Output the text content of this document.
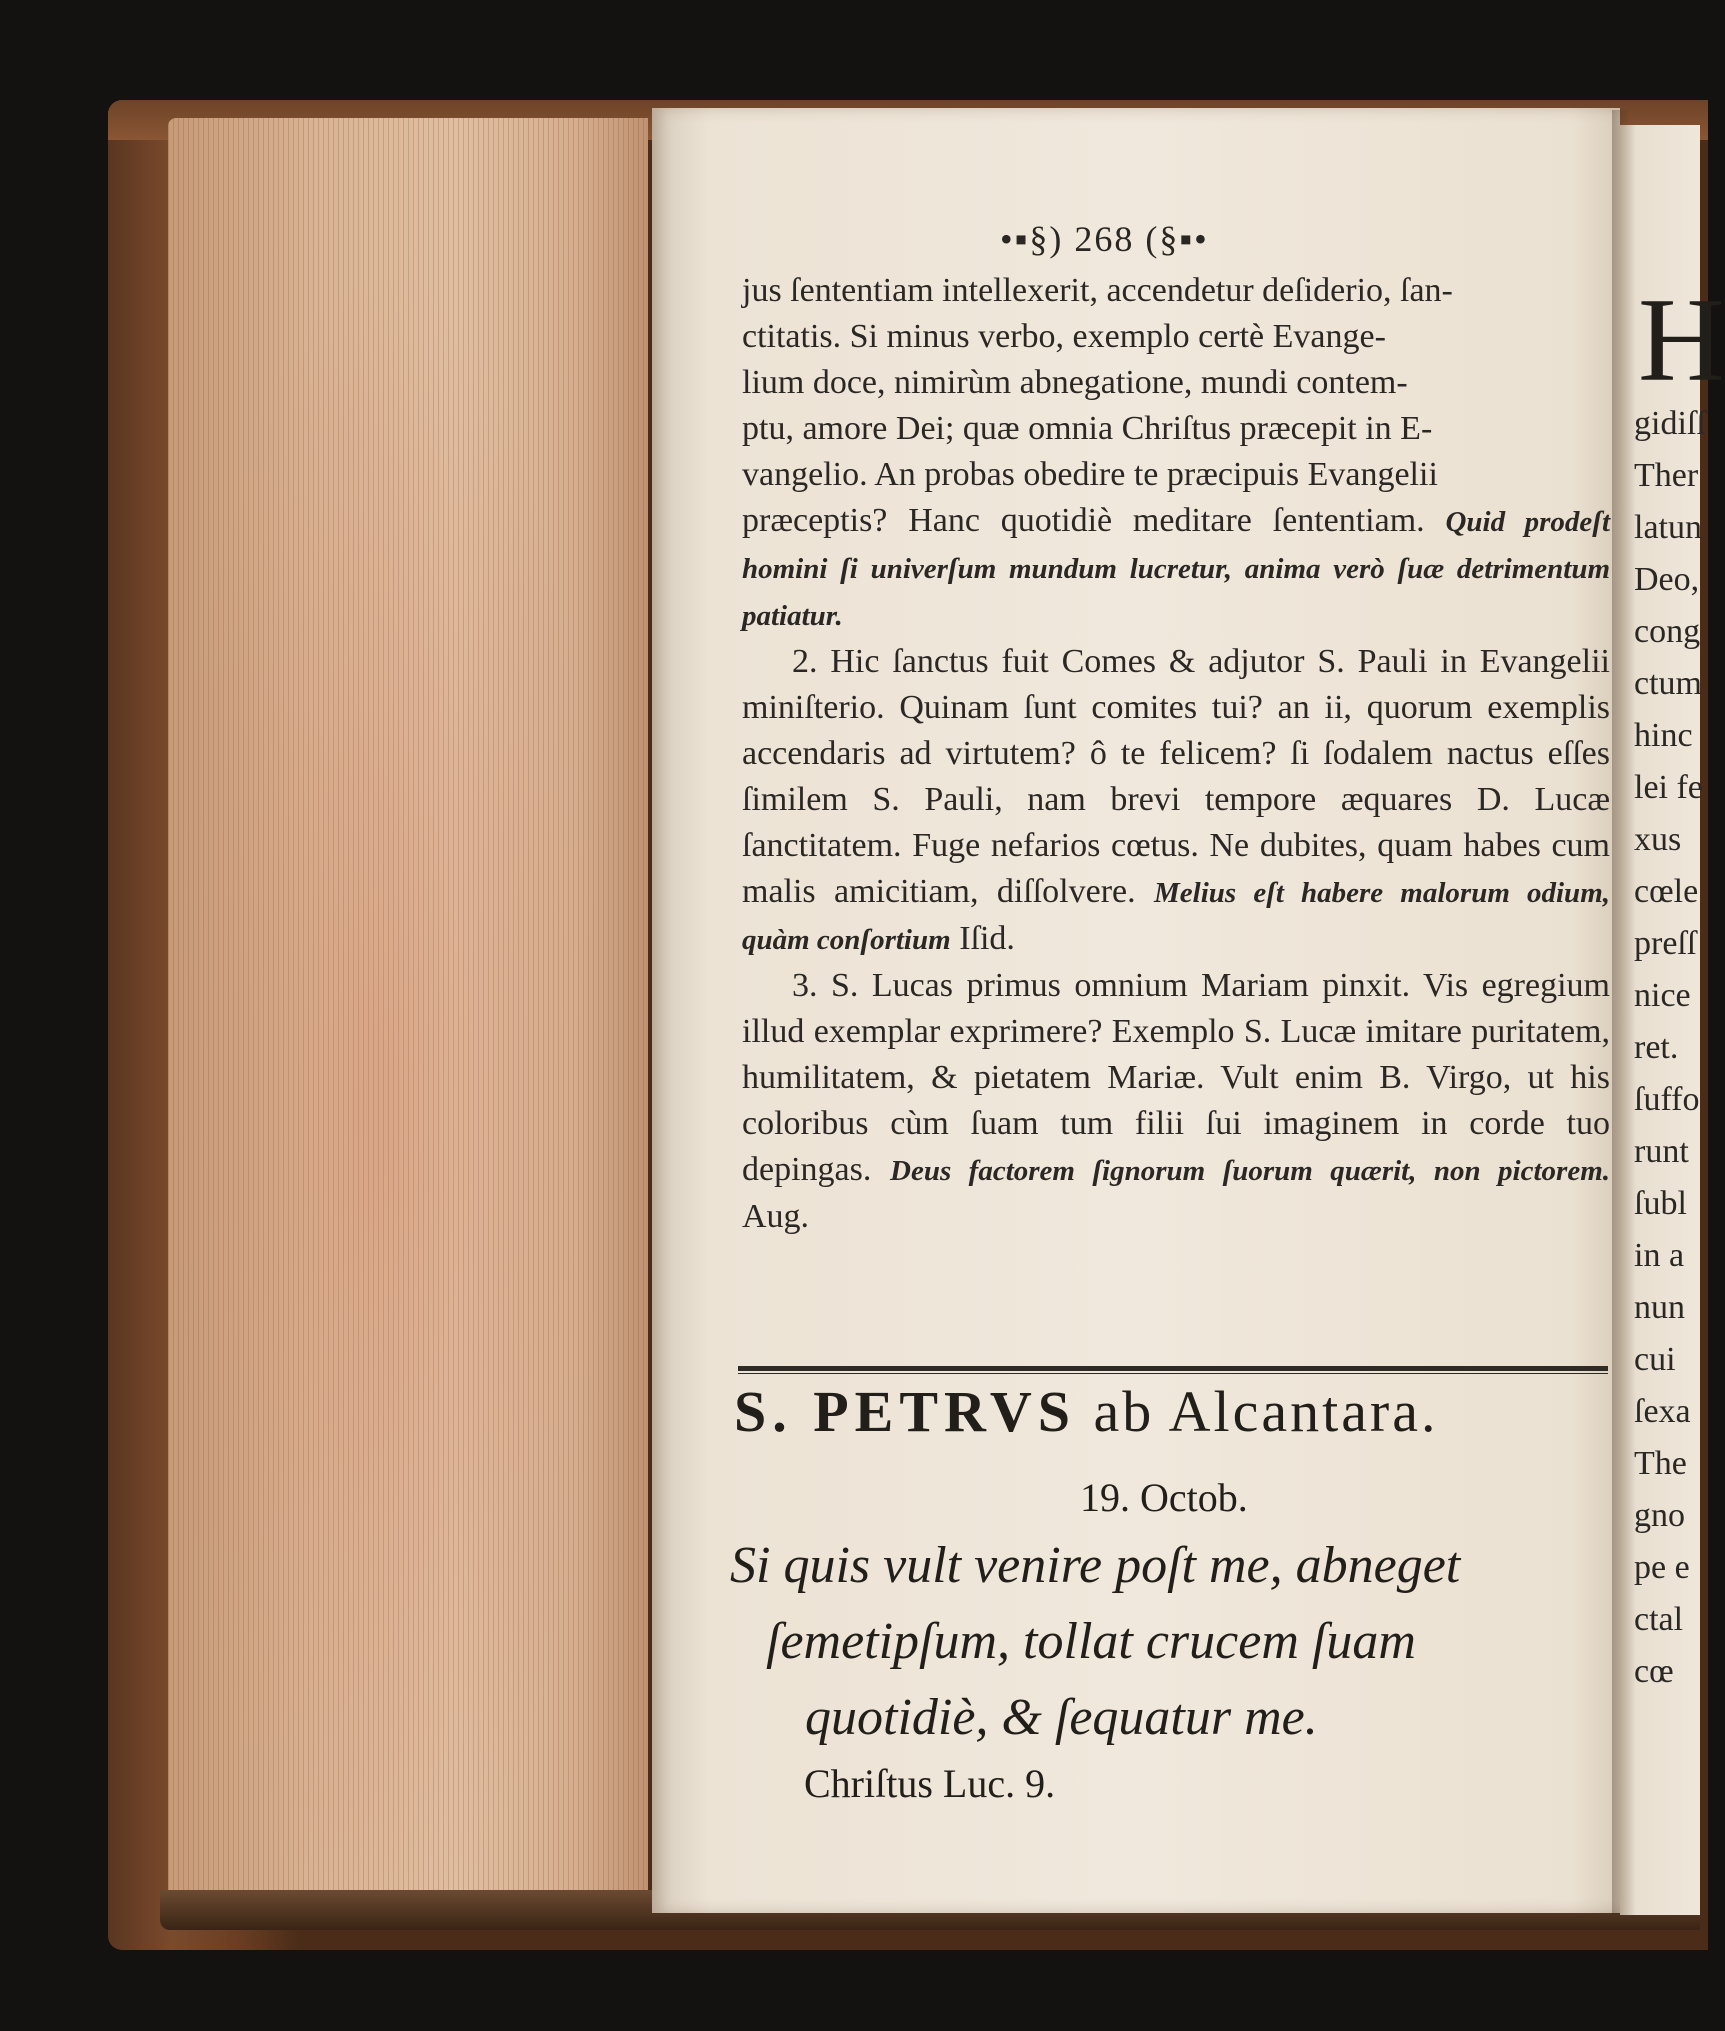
H
gidiſſ
Ther
latun
Deo,
cong
ctum
hinc
lei fe
xus
cœle
preſſ
nice
ret.
ſuffo
runt
ſubl
in a
nun
cui
ſexa
The
gno
pe e
ctal
cœ
•▪§) 268 (§▪•

jus ſententiam intellexerit, accendetur deſiderio, ſan-

ctitatis. Si minus verbo, exemplo certè Evange-

lium doce, nimirùm abnegatione, mundi contem-

ptu, amore Dei; quæ omnia Chriſtus præcepit in E-

vangelio. An probas obedire te præcipuis Evangelii

præceptis? Hanc quotidiè meditare ſententiam. Quid prodeſt homini ſi univerſum mundum lucretur, anima verò ſuæ detrimentum patiatur.

2. Hic ſanctus fuit Comes & adjutor S. Pauli in Evangelii miniſterio. Quinam ſunt comites tui? an ii, quorum exemplis accendaris ad virtutem? ô te felicem? ſi ſodalem nactus eſſes ſimilem S. Pauli, nam brevi tempore æquares D. Lucæ ſanctitatem. Fuge nefarios cœtus. Ne dubites, quam habes cum malis amicitiam, diſſolvere. Melius eſt habere malorum odium, quàm conſortium Iſid.

3. S. Lucas primus omnium Mariam pinxit. Vis egregium illud exemplar exprimere? Exemplo S. Lucæ imitare puritatem, humilitatem, & pietatem Mariæ. Vult enim B. Virgo, ut his coloribus cùm ſuam tum filii ſui imaginem in corde tuo depingas. Deus factorem ſignorum ſuorum quærit, non pictorem. Aug.

S. PETRVS ab Alcantara.
19. Octob.

Si quis vult venire poſt me, abneget

ſemetipſum, tollat crucem ſuam

quotidiè, & ſequatur me.

Chriſtus Luc. 9.
